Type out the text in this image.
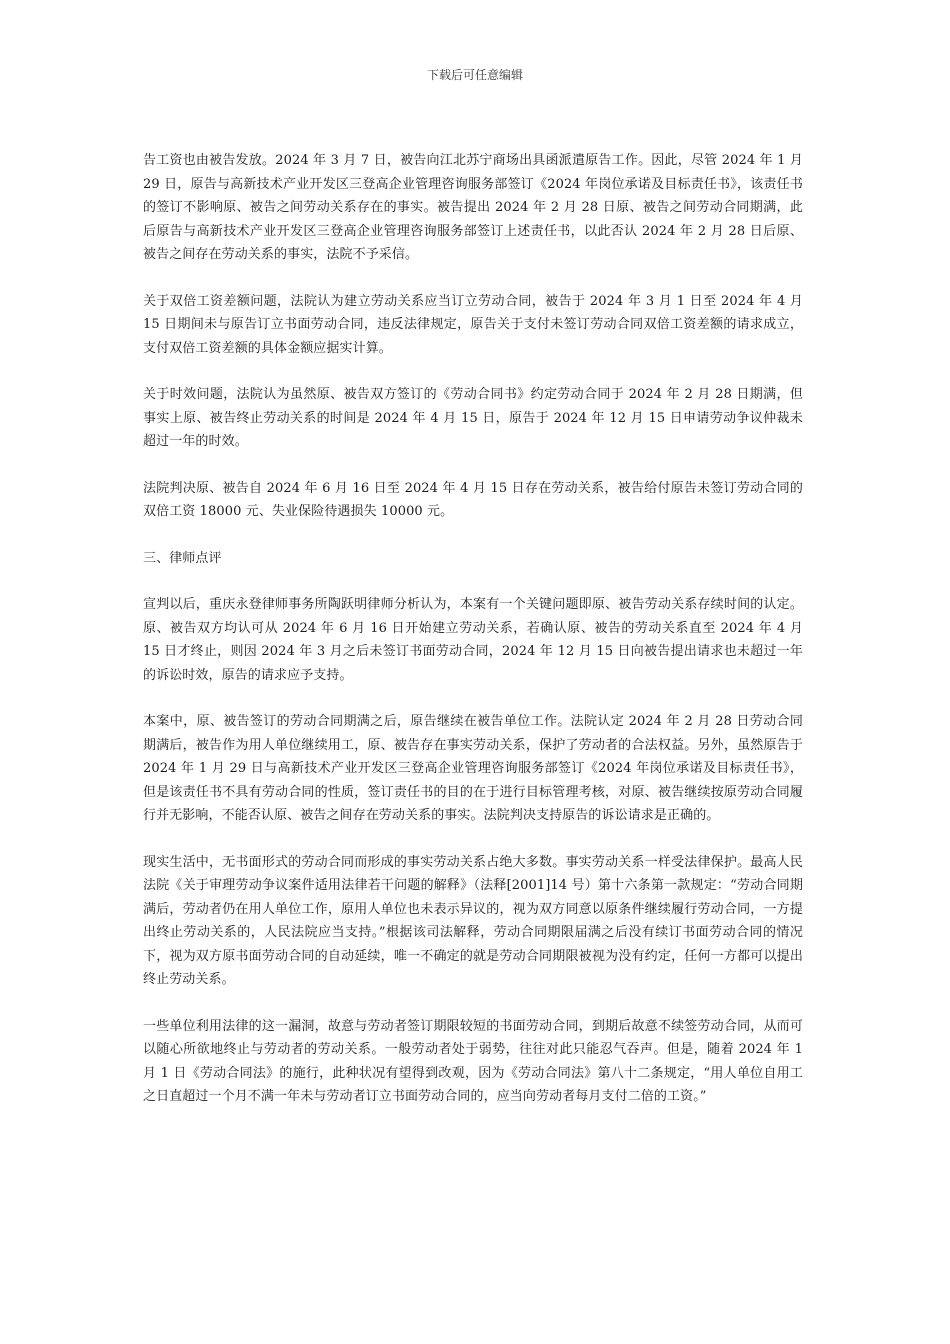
下载后可任意编辑

告工资也由被告发放。2024 年 3 月 7 日，被告向江北苏宁商场出具函派遣原告工作。因此，尽管 2024 年 1 月 29 日，原告与高新技术产业开发区三登高企业管理咨询服务部签订《2024 年岗位承诺及目标责任书》，该责任书的签订不影响原、被告之间劳动关系存在的事实。被告提出 2024 年 2 月 28 日原、被告之间劳动合同期满，此后原告与高新技术产业开发区三登高企业管理咨询服务部签订上述责任书，以此否认 2024 年 2 月 28 日后原、被告之间存在劳动关系的事实，法院不予采信。

关于双倍工资差额问题，法院认为建立劳动关系应当订立劳动合同，被告于 2024 年 3 月 1 日至 2024 年 4 月 15 日期间未与原告订立书面劳动合同，违反法律规定，原告关于支付未签订劳动合同双倍工资差额的请求成立，支付双倍工资差额的具体金额应据实计算。

关于时效问题，法院认为虽然原、被告双方签订的《劳动合同书》约定劳动合同于 2024 年 2 月 28 日期满，但事实上原、被告终止劳动关系的时间是 2024 年 4 月 15 日，原告于 2024 年 12 月 15 日申请劳动争议仲裁未超过一年的时效。

法院判决原、被告自 2024 年 6 月 16 日至 2024 年 4 月 15 日存在劳动关系，被告给付原告未签订劳动合同的双倍工资 18000 元、失业保险待遇损失 10000 元。

三、律师点评

宣判以后，重庆永登律师事务所陶跃明律师分析认为，本案有一个关键问题即原、被告劳动关系存续时间的认定。原、被告双方均认可从 2024 年 6 月 16 日开始建立劳动关系，若确认原、被告的劳动关系直至 2024 年 4 月 15 日才终止，则因 2024 年 3 月之后未签订书面劳动合同，2024 年 12 月 15 日向被告提出请求也未超过一年的诉讼时效，原告的请求应予支持。

本案中，原、被告签订的劳动合同期满之后，原告继续在被告单位工作。法院认定 2024 年 2 月 28 日劳动合同期满后，被告作为用人单位继续用工，原、被告存在事实劳动关系，保护了劳动者的合法权益。另外，虽然原告于 2024 年 1 月 29 日与高新技术产业开发区三登高企业管理咨询服务部签订《2024 年岗位承诺及目标责任书》，但是该责任书不具有劳动合同的性质，签订责任书的目的在于进行目标管理考核，对原、被告继续按原劳动合同履行并无影响，不能否认原、被告之间存在劳动关系的事实。法院判决支持原告的诉讼请求是正确的。

现实生活中，无书面形式的劳动合同而形成的事实劳动关系占绝大多数。事实劳动关系一样受法律保护。最高人民法院《关于审理劳动争议案件适用法律若干问题的解释》（法释[2001]14 号）第十六条第一款规定：“劳动合同期满后，劳动者仍在用人单位工作，原用人单位也未表示异议的，视为双方同意以原条件继续履行劳动合同，一方提出终止劳动关系的，人民法院应当支持。”根据该司法解释，劳动合同期限届满之后没有续订书面劳动合同的情况下，视为双方原书面劳动合同的自动延续，唯一不确定的就是劳动合同期限被视为没有约定，任何一方都可以提出终止劳动关系。

一些单位利用法律的这一漏洞，故意与劳动者签订期限较短的书面劳动合同，到期后故意不续签劳动合同，从而可以随心所欲地终止与劳动者的劳动关系。一般劳动者处于弱势，往往对此只能忍气吞声。但是，随着 2024 年 1 月 1 日《劳动合同法》的施行，此种状况有望得到改观，因为《劳动合同法》第八十二条规定，“用人单位自用工之日直超过一个月不满一年未与劳动者订立书面劳动合同的，应当向劳动者每月支付二倍的工资。”
